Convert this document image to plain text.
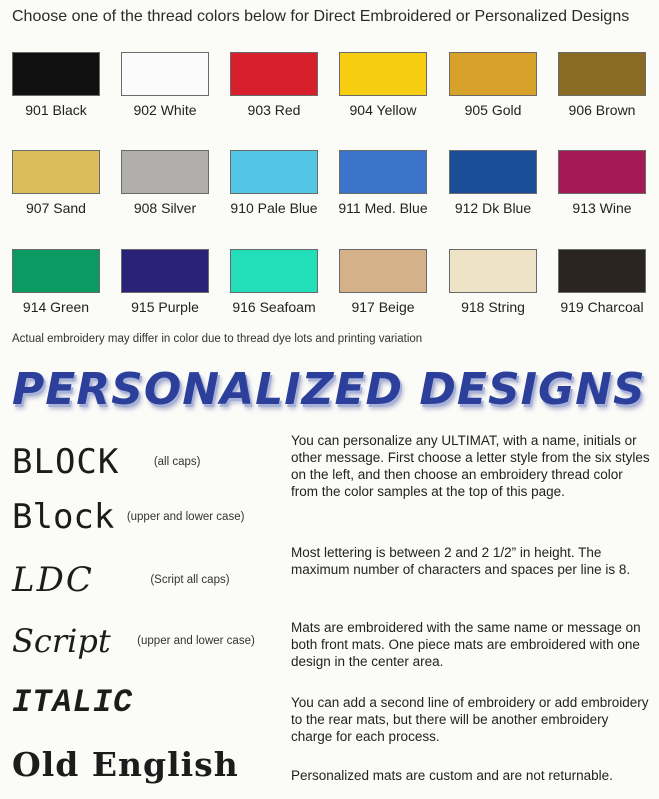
Choose one of the thread colors below for Direct Embroidered or Personalized Designs
901 Black	902 White	903 Red	904 Yellow	905 Gold	906 Brown
907 Sand	908 Silver	910 Pale Blue	911 Med. Blue	912 Dk Blue	913 Wine
914 Green	915 Purple	916 Seafoam	917 Beige	918 String	919 Charcoal
Actual embroidery may differ in color due to thread dye lots and printing variation
PERSONALIZED DESIGNS
BLOCK	(all caps)
Block (upper and lower case)
LDC	(Script all caps)
Script (upper and lower case)
ITALIC
Old English
You can personalize any ULTIMAT, with a name, initials or other message. First choose a letter style from the six styles on the left, and then choose an embroidery thread color from the color samples at the top of this page.
Most lettering is between 2 and 2 1/2” in height. The maximum number of characters and spaces per line is 8.
Mats are embroidered with the same name or message on both front mats. One piece mats are embroidered with one design in the center area.
You can add a second line of embroidery or add embroidery to the rear mats, but there will be another embroidery charge for each process.
Personalized mats are custom and are not returnable.
